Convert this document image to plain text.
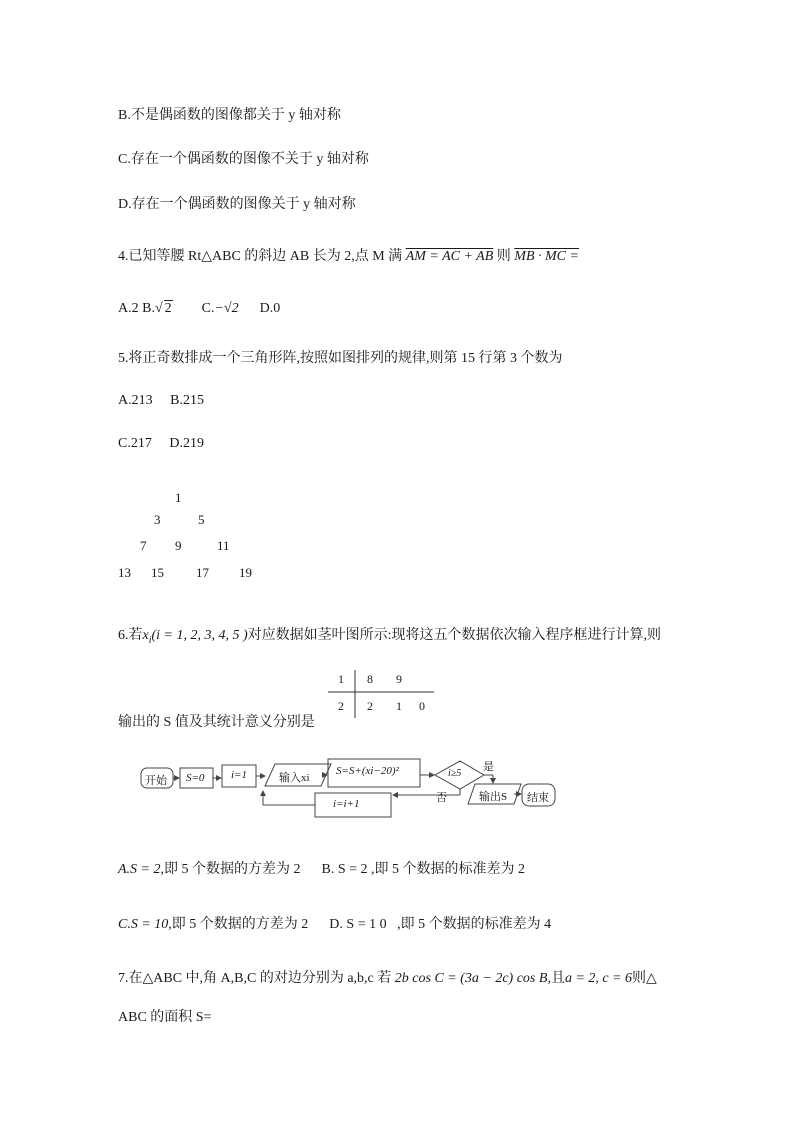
B.不是偶函数的图像都关于 y 轴对称
C.存在一个偶函数的图像不关于 y 轴对称
D.存在一个偶函数的图像关于 y 轴对称
4.已知等腰 Rt△ABC 的斜边 AB 长为 2,点 M 满 AM = AC + AB 则 MB · MC =
A.2 B.√ 2 C.−√2 D.0
5.将正奇数排成一个三角形阵,按照如图排列的规律,则第 15 行第 3 个数为
A.213     B.215
C.217     D.219
1
3	5
7 9	11
13 15 17 19
6.若$x_i(i = 1$, 2, 3, 4, 5 )对应数据如茎叶图所示:现将这五个数据依次输入程序框进行计算,则
1 8 9
2 2 1 0
输出的 S 值及其统计意义分别是
开始 S=0 i=1	输入xi
S=S+(xi−20)²	i≥5
是
否	输出S 结束
i=i+1
A.S = 2,即 5 个数据的方差为 2 B. S = 2 ,即 5 个数据的标准差为 2
C.S = 10,即 5 个数据的方差为 2 D. S = 1 0   ,即 5 个数据的标准差为 4
7.在△ABC 中,角 A,B,C 的对边分别为 a,b,c 若 2b cos C = (3a − 2c) cos B,且a = 2, c = 6则△
ABC 的面积 S=
